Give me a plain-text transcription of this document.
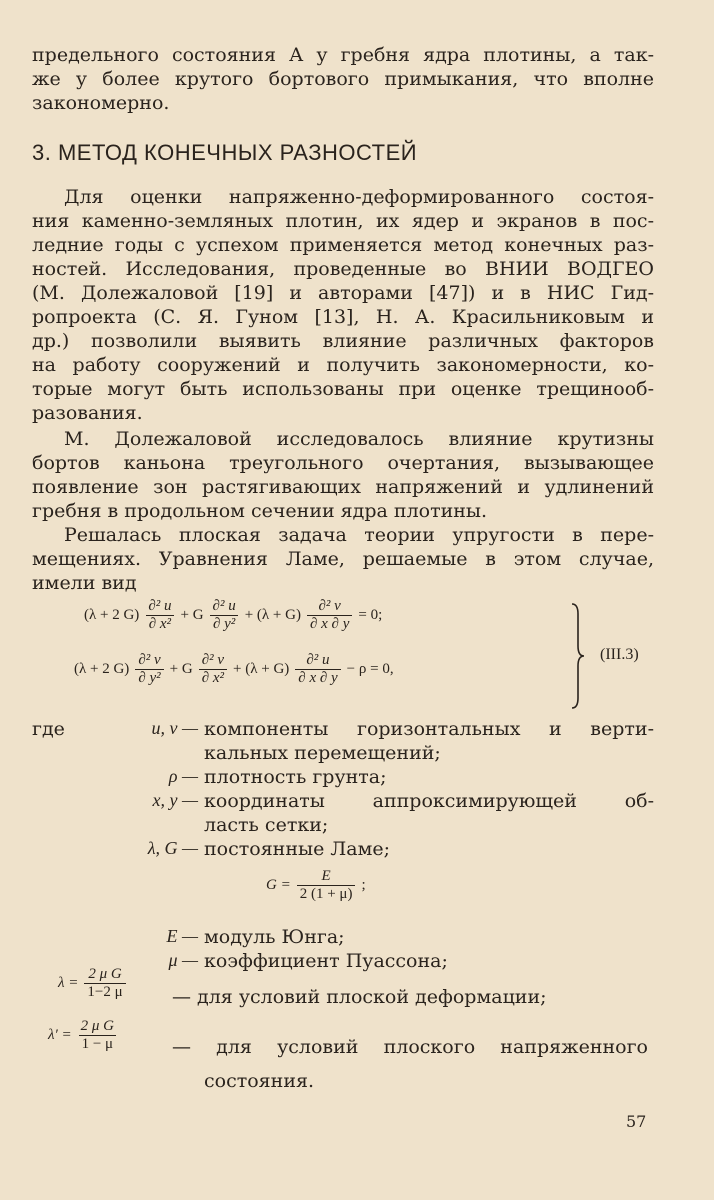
предельного состояния А у гребня ядра плотины, а так-
же у более крутого бортового примыкания, что вполне
закономерно.
3. МЕТОД КОНЕЧНЫХ РАЗНОСТЕЙ
Для оценки напряженно-деформированного состоя-
ния каменно-земляных плотин, их ядер и экранов в пос-
ледние годы с успехом применяется метод конечных раз-
ностей. Исследования, проведенные во ВНИИ ВОДГЕО
(М. Долежаловой [19] и авторами [47]) и в НИС Гид-
ропроекта (С. Я. Гуном [13], Н. А. Красильниковым и
др.) позволили выявить влияние различных факторов
на работу сооружений и получить закономерности, ко-
торые могут быть использованы при оценке трещинооб-
разования.
М. Долежаловой исследовалось влияние крутизны
бортов каньона треугольного очертания, вызывающее
появление зон растягивающих напряжений и удлинений
гребня в продольном сечении ядра плотины.
Решалась плоская задача теории упругости в пере-
мещениях. Уравнения Ламе, решаемые в этом случае,
имели вид
(λ + 2 $G) \frac{\text{∂² u}}{\text{∂ x²}} + G \frac{\text{∂² u}}{\text{∂ y²}} + (\lambda + G) \frac{\text{∂² v}}{\partial x \partial y} = 0$;
(λ + 2 $G) \frac{\text{∂² v}}{\text{∂ y²}} + G \frac{\text{∂² v}}{\text{∂ x²}} + (\lambda + G) \frac{\text{∂² u}}{\partial x \partial y} - \rho = 0$,
(III.3)
где	u, v — компоненты горизонтальных и верти-
кальных перемещений;
ρ — плотность грунта;
x, y — координаты аппроксимирующей об-
ласть сетки;
λ, G — постоянные Ламе;
$G = \frac{E}{2 (1 + \mu)}$ ;
E — модуль Юнга;
μ — коэффициент Пуассона;
$\lambda = \frac{\text{2 μ G}}{1-2 \mu}$ — для условий плоской деформации;
$\lambda' = \frac{\text{2 μ G}}{1 - \mu}$	— для условий плоского напряженного
состояния.
57
